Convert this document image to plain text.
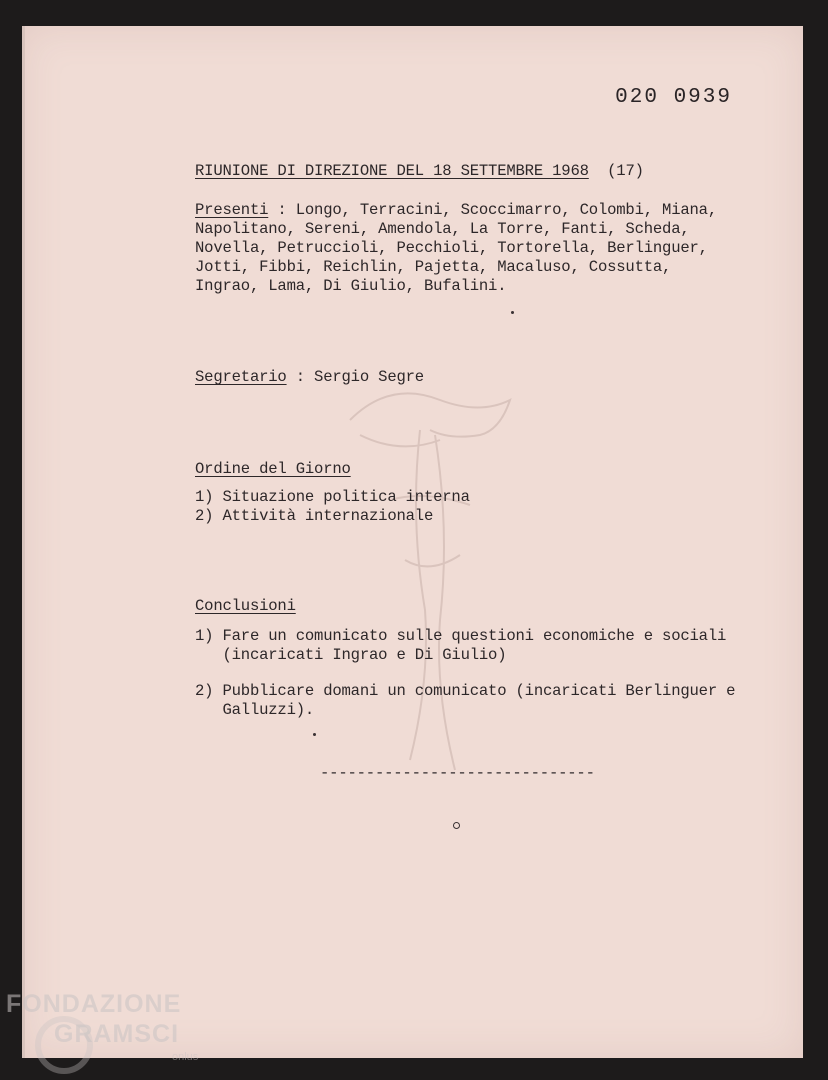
020 0939
RIUNIONE DI DIREZIONE DEL 18 SETTEMBRE 1968 (17)
Presenti : Longo, Terracini, Scoccimarro, Colombi, Miana,
Napolitano, Sereni, Amendola, La Torre, Fanti, Scheda,
Novella, Petruccioli, Pecchioli, Tortorella, Berlinguer,
Jotti, Fibbi, Reichlin, Pajetta, Macaluso, Cossutta,
Ingrao, Lama, Di Giulio, Bufalini.
Segretario : Sergio Segre
Ordine del Giorno
1) Situazione politica interna
2) Attività internazionale
Conclusioni
1) Fare un comunicato sulle questioni economiche e sociali
(incaricati Ingrao e Di Giulio)
2) Pubblicare domani un comunicato (incaricati Berlinguer e
Galluzzi).
------------------------------
FONDAZIONE
GRAMSCI
onlus
